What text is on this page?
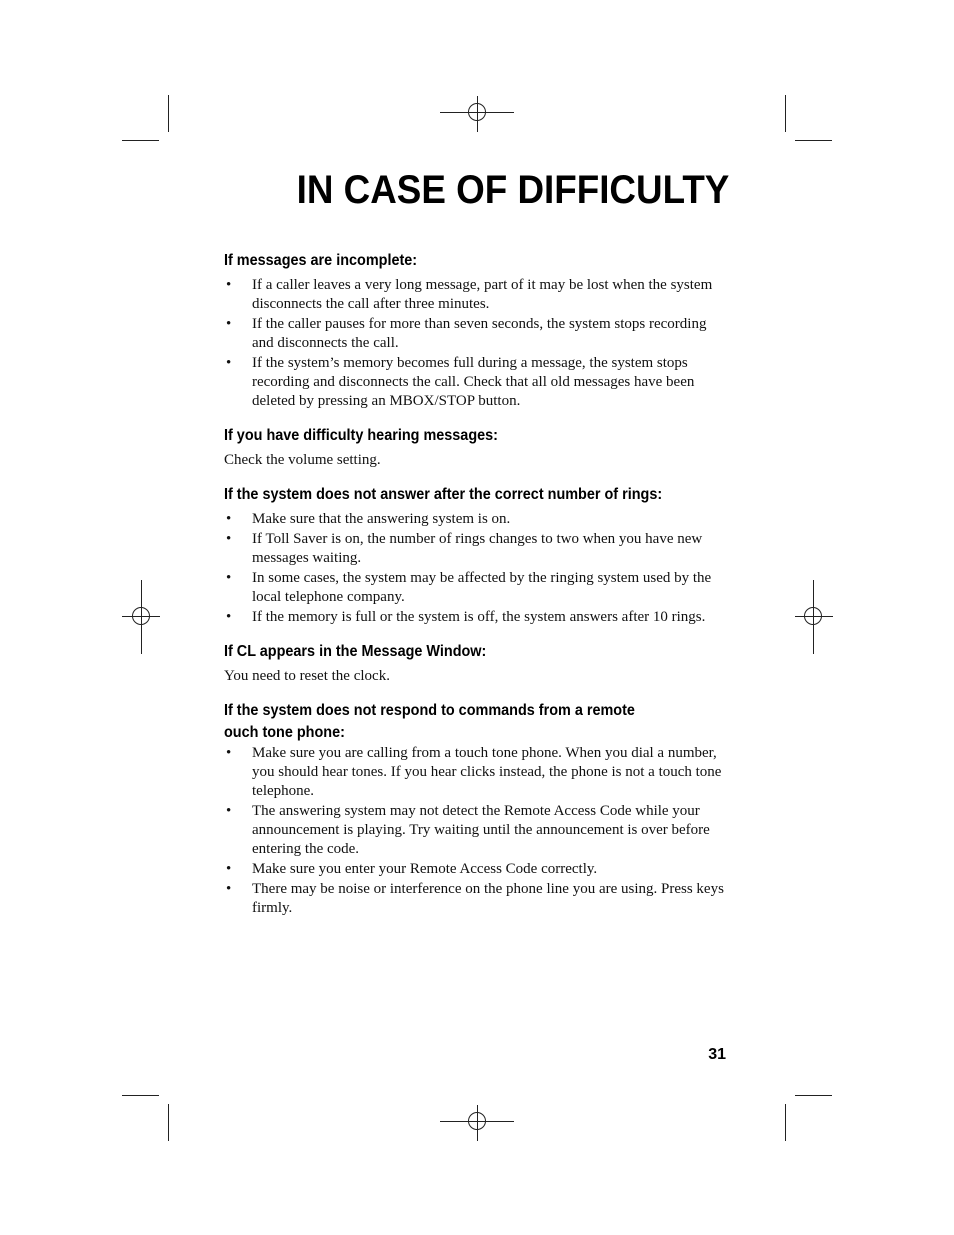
IN CASE OF DIFFICULTY
If messages are incomplete:
• If a caller leaves a very long message, part of it may be lost when the system disconnects the call after three minutes.
• If the caller pauses for more than seven seconds, the system stops recording and disconnects the call.
• If the system’s memory becomes full during a message, the system stops recording and disconnects the call. Check that all old messages have been deleted by pressing an MBOX/STOP button.
If you have difficulty hearing messages:

Check the volume setting.

If the system does not answer after the correct number of rings:
• Make sure that the answering system is on.
• If Toll Saver is on, the number of rings changes to two when you have new messages waiting.
• In some cases, the system may be affected by the ringing system used by the local telephone company.
• If the memory is full or the system is off, the system answers after 10 rings.
If CL appears in the Message Window:

You need to reset the clock.

If the system does not respond to commands from a remote
ouch tone phone:
• Make sure you are calling from a touch tone phone. When you dial a number, you should hear tones. If you hear clicks instead, the phone is not a touch tone telephone.
• The answering system may not detect the Remote Access Code while your announcement is playing. Try waiting until the announcement is over before entering the code.
• Make sure you enter your Remote Access Code correctly.
• There may be noise or interference on the phone line you are using. Press keys firmly.
31
